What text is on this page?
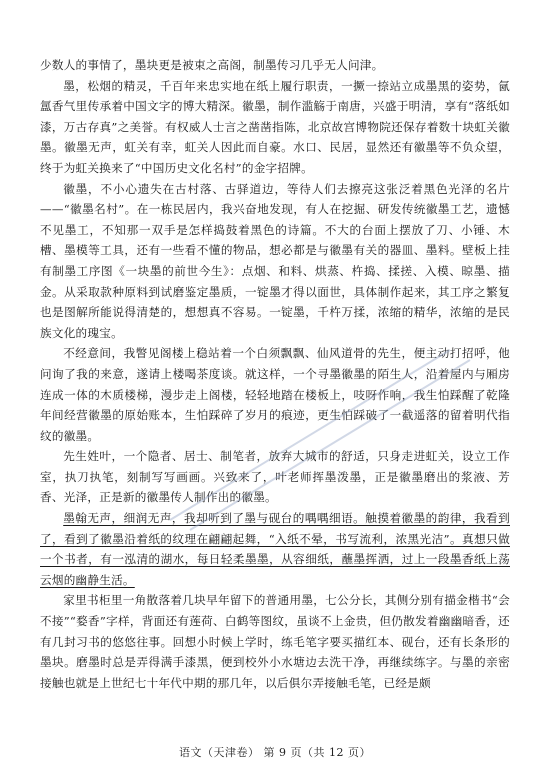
少数人的事情了，墨块更是被束之高阁，制墨传习几乎无人问津。

墨，松烟的精灵，千百年来忠实地在纸上履行职责，一撅一捺站立成墨黑的姿势，氤氲香气里传承着中国文字的博大精深。徽墨，制作滥觞于南唐，兴盛于明清，享有“落纸如漆，万古存真”之美誉。有权威人士言之凿凿指陈，北京故宫博物院还保存着数十块虹关徽墨。徽墨无声，虹关有幸，虹关人因此而自豪。水口、民居，显然还有徽墨等不负众望，终于为虹关换来了“中国历史文化名村”的金字招牌。

徽墨，不小心遗失在古村落、古驿道边，等待人们去擦亮这张泛着黑色光泽的名片——“徽墨名村”。在一栋民居内，我兴奋地发现，有人在挖掘、研发传统徽墨工艺，遗憾不见墨工，不知那一双手是怎样捣鼓着黑色的诗篇。不大的台面上摆放了刀、小锤、木槽、墨模等工具，还有一些看不懂的物品，想必都是与徽墨有关的器皿、墨料。壁板上挂有制墨工序图《一块墨的前世今生》：点烟、和料、烘蒸、杵捣、揉搓、入模、晾墨、描金。从采取款种原料到试磨鉴定墨质，一锭墨才得以面世，具体制作起来，其工序之繁复也是图解所能说得清楚的，想想真不容易。一锭墨，千杵万揉，浓缩的精华，浓缩的是民族文化的瑰宝。

不经意间，我瞥见阁楼上稳站着一个白须飘飘、仙风道骨的先生，便主动打招呼，他问询了我的来意，遂请上楼喝茶度谈。就这样，一个寻墨徽墨的陌生人，沿着屋内与厢房连成一体的木质楼梯，漫步走上阁楼，轻轻地踏在楼板上，吱呀作响，我生怕踩醒了乾隆年间经营徽墨的原始账本，生怕踩碎了岁月的痕迹，更生怕踩破了一截遥落的留着明代指纹的徽墨。

先生姓叶，一个隐者、居士、制笔者，放弃大城市的舒适，只身走进虹关，设立工作室，执刀执笔，刻制写写画画。兴致来了，叶老师挥墨泼墨，正是徽墨磨出的浆液、芳香、光泽，正是新的徽墨传人制作出的徽墨。

墨翰无声，细润无声，我却听到了墨与砚台的喁喁细语。触摸着徽墨的韵律，我看到了，看到了徽墨沿着纸的纹理在翩翩起舞，“入纸不晕，书写流利，浓黑光洁”。真想只做一个书者，有一泓清的湖水，每日轻柔墨墨，从容细纸，蘸墨挥洒，过上一段墨香纸上荡云烟的幽静生活。

家里书柜里一角散落着几块早年留下的普通用墨，七公分长，其侧分别有描金楷书“会不接”“婺香”字样，背面还有莲荷、白鹤等图纹，虽谈不上金贵，但仍散发着幽幽暗香，还有几封习书的悠悠往事。回想小时候上学时，练毛笔字要买描红本、砚台，还有长条形的墨块。磨墨时总是弄得满手漆黑，便到校外小水塘边去洗干净，再继续练字。与墨的亲密接触也就是上世纪七十年代中期的那几年，以后俱尔弄接触毛笔，已经是颇

语文（天津卷） 第 9 页（共 12 页）
